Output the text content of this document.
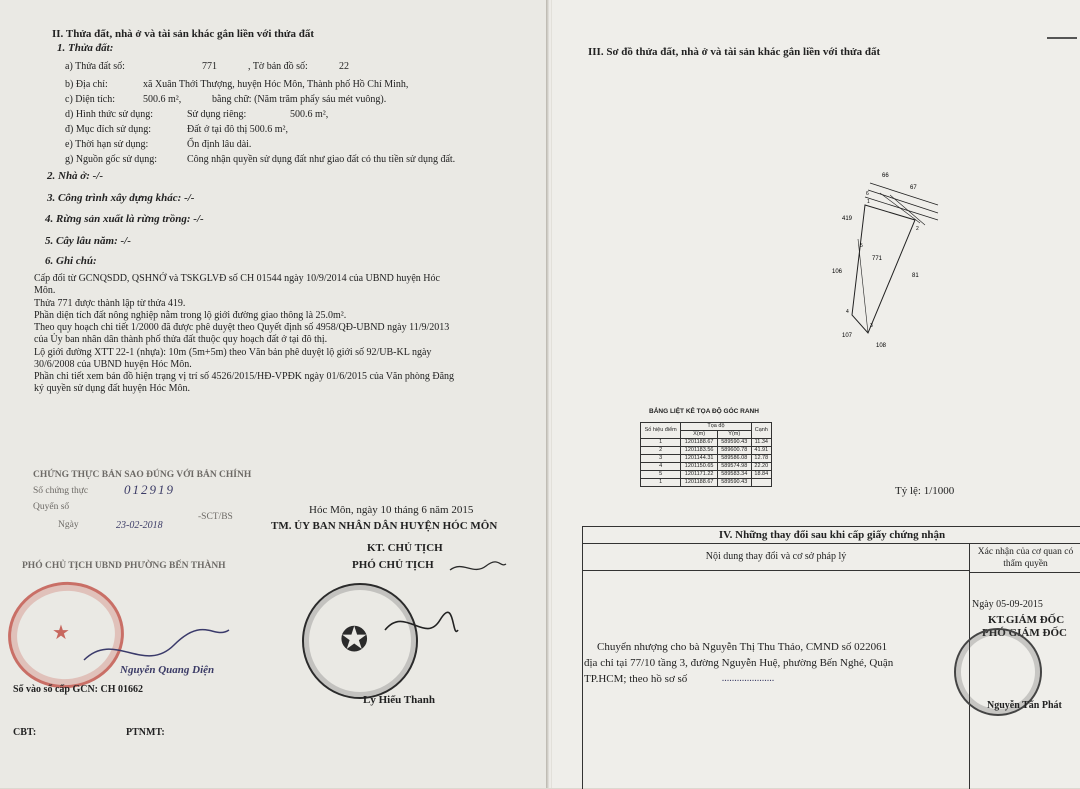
II. Thửa đất, nhà ở và tài sản khác gắn liền với thửa đất
1. Thửa đất:
a) Thửa đất số:	771	, Tờ bản đồ số:	22
b) Địa chỉ:	xã Xuân Thới Thượng, huyện Hóc Môn, Thành phố Hồ Chí Minh,
c) Diện tích:	500.6 m²,	bằng chữ: (Năm trăm phẩy sáu mét vuông).
d) Hình thức sử dụng:	Sử dụng riêng:	500.6 m²,
đ) Mục đích sử dụng:	Đất ở tại đô thị 500.6 m²,
e) Thời hạn sử dụng:	Ổn định lâu dài.
g) Nguồn gốc sử dụng:	Công nhận quyền sử dụng đất như giao đất có thu tiền sử dụng đất.
2. Nhà ở: -/-
3. Công trình xây dựng khác: -/-
4. Rừng sản xuất là rừng trồng: -/-
5. Cây lâu năm: -/-
6. Ghi chú:
Cấp đổi từ GCNQSDD, QSHNỞ và TSKGLVĐ số CH 01544 ngày 10/9/2014 của UBND huyện Hóc
Môn.
Thửa 771 được thành lập từ thửa 419.
Phần diện tích đất nông nghiệp nằm trong lộ giới đường giao thông là 25.0m².
Theo quy hoạch chi tiết 1/2000 đã được phê duyệt theo Quyết định số 4958/QĐ-UBND ngày 11/9/2013
của Ủy ban nhân dân thành phố thửa đất thuộc quy hoạch đất ở tại đô thị.
Lộ giới đường XTT 22-1 (nhựa): 10m (5m+5m) theo Văn bản phê duyệt lộ giới số 92/UB-KL ngày
30/6/2008 của UBND huyện Hóc Môn.
Phần chi tiết xem bản đồ hiện trạng vị trí số 4526/2015/HĐ-VPĐK ngày 01/6/2015 của Văn phòng Đăng
ký quyền sử dụng đất huyện Hóc Môn.
CHỨNG THỰC BẢN SAO ĐÚNG VỚI BẢN CHÍNH
Số chứng thực	012919
Quyển số
-SCT/BS
Ngày	23-02-2018
PHÓ CHỦ TỊCH UBND PHƯỜNG BẾN THÀNH
★
Nguyễn Quang Diện
Hóc Môn, ngày 10 tháng 6 năm 2015
TM. ỦY BAN NHÂN DÂN HUYỆN HÓC MÔN
KT. CHỦ TỊCH
PHÓ CHỦ TỊCH
✪
Lý Hiếu Thanh
Số vào sổ cấp GCN: CH 01662
CBT:	PTNMT:
III. Sơ đồ thửa đất, nhà ở và tài sản khác gắn liền với thửa đất
771
419
106
81
107
108
66
67
1
2
3
4
5
6
BẢNG LIỆT KÊ TỌA ĐỘ GÓC RANH
Số hiệu điểm	Tọa độ		Cạnh
	X(m)	Y(m)	
1	1201188.67	589590.43	11.34
2	1201183.56	589600.78	41.91
3	1201144.31	589586.08	12.78
4	1201150.65	589574.98	22.20
5	1201171.22	589583.34	18.84
1	1201188.67	589590.43	
Tỷ lệ: 1/1000
IV. Những thay đổi sau khi cấp giấy chứng nhận
Nội dung thay đổi và cơ sở pháp lý	Xác nhận của cơ quan có thẩm quyền
Chuyển nhượng cho bà Nguyễn Thị Thu Thảo, CMND số 022061
địa chỉ tại 77/10 tầng 3, đường Nguyễn Huệ, phường Bến Nghé, Quận
TP.HCM; theo hồ sơ số	.....................
Ngày 05-09-2015
KT.GIÁM ĐỐC
PHÓ GIÁM ĐỐC
Nguyễn Tấn Phát
